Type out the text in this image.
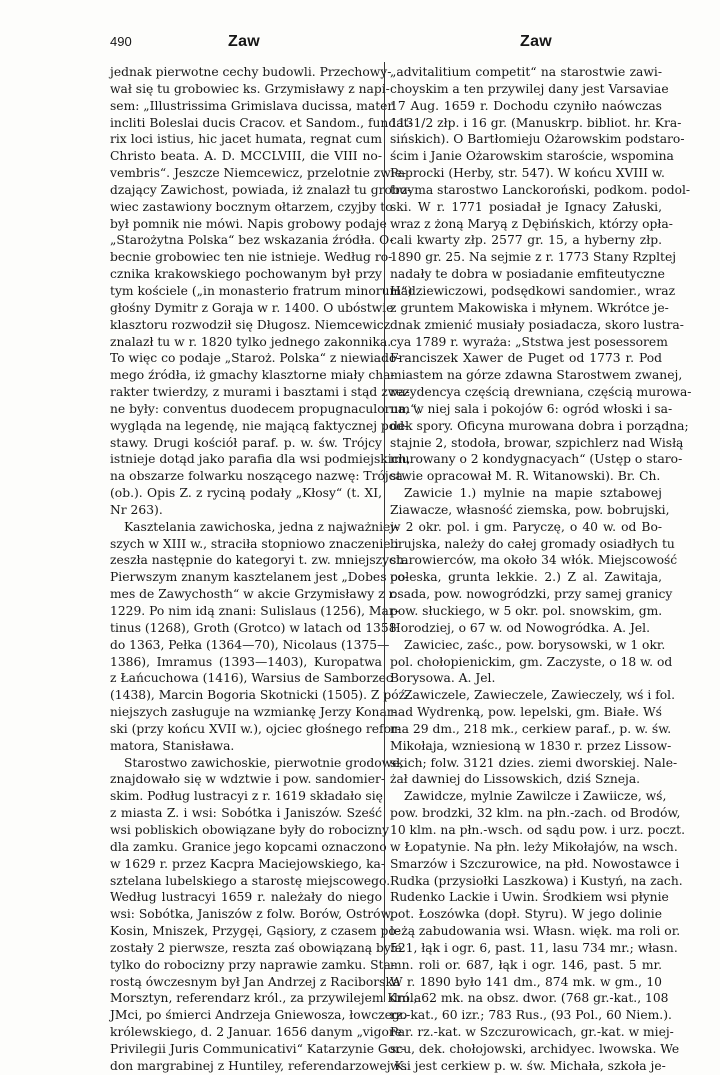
490	Zaw	Zaw
jednak pierwotne cechy budowli. Przechowy-
wał się tu grobowiec ks. Grzymisławy z napi-
sem: „Illustrissima Grimislava ducissa, mater
incliti Boleslai ducis Cracov. et Sandom., fundat-
rix loci istius, hic jacet humata, regnat cum
Christo beata. A. D. MCCLVIII, die VIII no-
vembris“. Jeszcze Niemcewicz, przelotnie zwie-
dzający Zawichost, powiada, iż znalazł tu grobo-
wiec zastawiony bocznym ołtarzem, czyjby to
był pomnik nie mówi. Napis grobowy podaje
„Starożytna Polska“ bez wskazania źródła. O-
becnie grobowiec ten nie istnieje. Według ro-
cznika krakowskiego pochowanym był przy
tym kościele („in monasterio fratrum minorum“)
głośny Dymitr z Goraja w r. 1400. O ubóstwie
klasztoru rozwodził się Długosz. Niemcewicz
znalazł tu w r. 1820 tylko jednego zakonnika.
To więc co podaje „Staroż. Polska“ z niewiado-
mego źródła, iż gmachy klasztorne miały cha-
rakter twierdzy, z murami i basztami i stąd zwa-
ne były: conventus duodecem propugnaculorum“,
wygląda na legendę, nie mającą faktycznej pod-
stawy. Drugi kościół paraf. p. w. św. Trójcy
istnieje dotąd jako parafia dla wsi podmiejskich,
na obszarze folwarku noszącego nazwę: Trójca
(ob.). Opis Z. z ryciną podały „Kłosy“ (t. XI,
Nr 263).
Kasztelania zawichoska, jedna z najważniej-
szych w XIII w., straciła stopniowo znaczenie i
zeszła następnie do kategoryi t. zw. mniejszych.
Pierwszym znanym kasztelanem jest „Dobes co-
mes de Zawychosth“ w akcie Grzymisławy z r.
1229. Po nim idą znani: Sulislaus (1256), Mar-
tinus (1268), Groth (Grotco) w latach od 1358
do 1363, Pełka (1364—70), Nicolaus (1375—
1386), Imramus (1393—1403), Kuropatwa
z Łańcuchowa (1416), Warsius de Samborzec
(1438), Marcin Bogoria Skotnicki (1505). Z póź-
niejszych zasługuje na wzmiankę Jerzy Konar-
ski (przy końcu XVII w.), ojciec głośnego refor-
matora, Stanisława.
Starostwo zawichoskie, pierwotnie grodowe,
znajdowało się w wdztwie i pow. sandomier-
skim. Podług lustracyi z r. 1619 składało się
z miasta Z. i wsi: Sobótka i Janiszów. Sześć
wsi pobliskich obowiązane były do robocizny
dla zamku. Granice jego kopcami oznaczono
w 1629 r. przez Kacpra Maciejowskiego, ka-
sztelana lubelskiego a starostę miejscowego.
Według lustracyi 1659 r. należały do niego
wsi: Sobótka, Janiszów z folw. Borów, Ostrów,
Kosin, Mniszek, Przygęi, Gąsiory, z czasem po-
zostały 2 pierwsze, reszta zaś obowiązaną była
tylko do robocizny przy naprawie zamku. Sta-
rostą ówczesnym był Jan Andrzej z Raciborska
Morsztyn, referendarz król., za przywilejem Króla
JMci, po śmierci Andrzeja Gniewosza, łowczego
królewskiego, d. 2 Januar. 1656 danym „vigore
Privilegii Juris Communicativi“ Katarzynie Gor-
don margrabinej z Huntiley, referendarzowej K.
„advitalitium competit“ na starostwie zawi-
choyskim a ten przywilej dany jest Varsaviae
17 Aug. 1659 r. Dochodu czyniło naówczas
1131/2 złp. i 16 gr. (Manuskrp. bibliot. hr. Kra-
sińskich). O Bartłomieju Ożarowskim podstaro-
ścim i Janie Ożarowskim staroście, wspomina
Paprocki (Herby, str. 547). W końcu XVIII w.
trzyma starostwo Lanckoroński, podkom. podol-
ski. W r. 1771 posiadał je Ignacy Załuski,
wraz z żoną Maryą z Dębińskich, którzy opła-
cali kwarty złp. 2577 gr. 15, a hyberny złp.
1890 gr. 25. Na sejmie z r. 1773 Stany Rzpltej
nadały te dobra w posiadanie emfiteutyczne
Hadziewiczowi, podsędkowi sandomier., wraz
z gruntem Makowiska i młynem. Wkrótce je-
dnak zmienić musiały posiadacza, skoro lustra-
cya 1789 r. wyraża: „Ststwa jest posessorem
Franciszek Xawer de Puget od 1773 r. Pod
miastem na górze zdawna Starostwem zwanej,
rezydencya częścią drewniana, częścią murowa-
na, w niej sala i pokojów 6: ogród włoski i sa-
dek spory. Oficyna murowana dobra i porządna;
stajnie 2, stodoła, browar, szpichlerz nad Wisłą
murowany o 2 kondygnacyach“ (Ustęp o staro-
stwie opracował M. R. Witanowski). Br. Ch.
Zawicie 1.) mylnie na mapie sztabowej
Ziawacze, własność ziemska, pow. bobrujski,
w 2 okr. pol. i gm. Paryczę, o 40 w. od Bo-
brujska, należy do całej gromady osiadłych tu
starowierców, ma około 34 włók. Miejscowość
poleska, grunta lekkie. 2.) Z al. Zawitaja,
osada, pow. nowogródzki, przy samej granicy
pow. słuckiego, w 5 okr. pol. snowskim, gm.
Horodziej, o 67 w. od Nowogródka. A. Jel.
Zawiciec, zaśc., pow. borysowski, w 1 okr.
pol. chołopienickim, gm. Zaczyste, o 18 w. od
Borysowa. A. Jel.
Zawiczele, Zawieczele, Zawieczely, wś i fol.
nad Wydrenką, pow. lepelski, gm. Białe. Wś
ma 29 dm., 218 mk., cerkiew paraf., p. w. św.
Mikołaja, wzniesioną w 1830 r. przez Lissow-
skich; folw. 3121 dzies. ziemi dworskiej. Nale-
żał dawniej do Lissowskich, dziś Szneja.
Zawidcze, mylnie Zawilcze i Zawiicze, wś,
pow. brodzki, 32 klm. na płn.-zach. od Brodów,
10 klm. na płn.-wsch. od sądu pow. i urz. poczt.
w Łopatynie. Na płn. leży Mikołajów, na wsch.
Smarzów i Szczurowice, na płd. Nowostawce i
Rudka (przysiołki Laszkowa) i Kustyń, na zach.
Rudenko Lackie i Uwin. Środkiem wsi płynie
pot. Łoszówka (dopł. Styru). W jego dolinie
leżą zabudowania wsi. Własn. więk. ma roli or.
521, łąk i ogr. 6, past. 11, lasu 734 mr.; własn.
mn. roli or. 687, łąk i ogr. 146, past. 5 mr.
W r. 1890 było 141 dm., 874 mk. w gm., 10
dm., 62 mk. na obsz. dwor. (768 gr.-kat., 108
rz.-kat., 60 izr.; 783 Rus., (93 Pol., 60 Niem.).
Par. rz.-kat. w Szczurowicach, gr.-kat. w miej-
scu, dek. chołojowski, archidyec. lwowska. We
wsi jest cerkiew p. w. św. Michała, szkoła je-
